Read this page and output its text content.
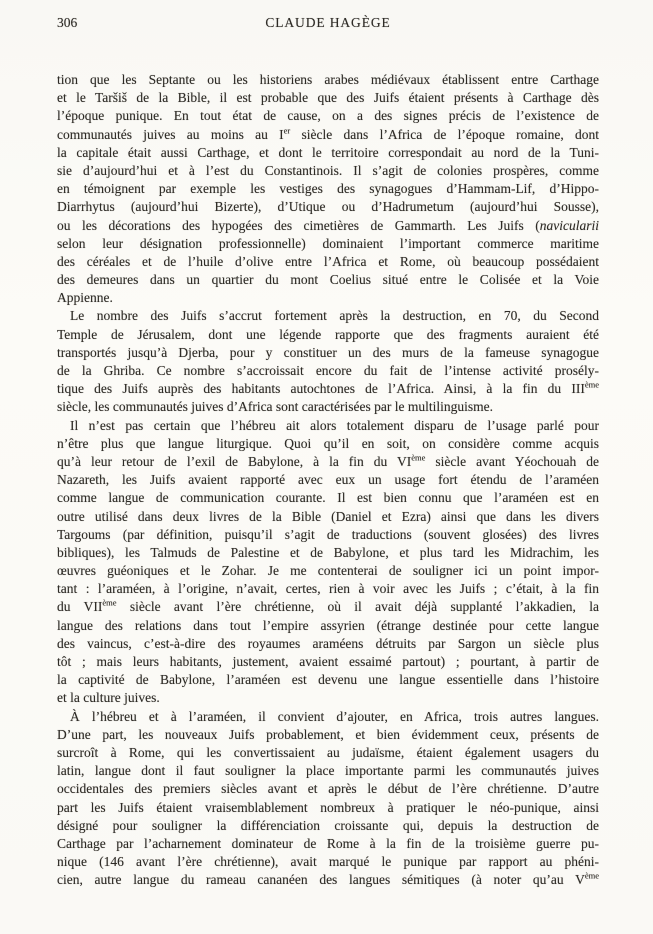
306	CLAUDE HAGÈGE
tion que les Septante ou les historiens arabes médiévaux établissent entre Carthage
et le Taršiš de la Bible, il est probable que des Juifs étaient présents à Carthage dès
l’époque punique. En tout état de cause, on a des signes précis de l’existence de
communautés juives au moins au Ier siècle dans l’Africa de l’époque romaine, dont
la capitale était aussi Carthage, et dont le territoire correspondait au nord de la Tuni-
sie d’aujourd’hui et à l’est du Constantinois. Il s’agit de colonies prospères, comme
en témoignent par exemple les vestiges des synagogues d’Hammam-Lif, d’Hippo-
Diarrhytus (aujourd’hui Bizerte), d’Utique ou d’Hadrumetum (aujourd’hui Sousse),
ou les décorations des hypogées des cimetières de Gammarth. Les Juifs (navicularii
selon leur désignation professionnelle) dominaient l’important commerce maritime
des céréales et de l’huile d’olive entre l’Africa et Rome, où beaucoup possédaient
des demeures dans un quartier du mont Coelius situé entre le Colisée et la Voie
Appienne.
Le nombre des Juifs s’accrut fortement après la destruction, en 70, du Second
Temple de Jérusalem, dont une légende rapporte que des fragments auraient été
transportés jusqu’à Djerba, pour y constituer un des murs de la fameuse synagogue
de la Ghriba. Ce nombre s’accroissait encore du fait de l’intense activité prosély-
tique des Juifs auprès des habitants autochtones de l’Africa. Ainsi, à la fin du IIIème
siècle, les communautés juives d’Africa sont caractérisées par le multilinguisme.
Il n’est pas certain que l’hébreu ait alors totalement disparu de l’usage parlé pour
n’être plus que langue liturgique. Quoi qu’il en soit, on considère comme acquis
qu’à leur retour de l’exil de Babylone, à la fin du VIème siècle avant Yéochouah de
Nazareth, les Juifs avaient rapporté avec eux un usage fort étendu de l’araméen
comme langue de communication courante. Il est bien connu que l’araméen est en
outre utilisé dans deux livres de la Bible (Daniel et Ezra) ainsi que dans les divers
Targoums (par définition, puisqu’il s’agit de traductions (souvent glosées) des livres
bibliques), les Talmuds de Palestine et de Babylone, et plus tard les Midrachim, les
œuvres guéoniques et le Zohar. Je me contenterai de souligner ici un point impor-
tant : l’araméen, à l’origine, n’avait, certes, rien à voir avec les Juifs ; c’était, à la fin
du VIIème siècle avant l’ère chrétienne, où il avait déjà supplanté l’akkadien, la
langue des relations dans tout l’empire assyrien (étrange destinée pour cette langue
des vaincus, c’est-à-dire des royaumes araméens détruits par Sargon un siècle plus
tôt ; mais leurs habitants, justement, avaient essaimé partout) ; pourtant, à partir de
la captivité de Babylone, l’araméen est devenu une langue essentielle dans l’histoire
et la culture juives.
À l’hébreu et à l’araméen, il convient d’ajouter, en Africa, trois autres langues.
D’une part, les nouveaux Juifs probablement, et bien évidemment ceux, présents de
surcroît à Rome, qui les convertissaient au judaïsme, étaient également usagers du
latin, langue dont il faut souligner la place importante parmi les communautés juives
occidentales des premiers siècles avant et après le début de l’ère chrétienne. D’autre
part les Juifs étaient vraisemblablement nombreux à pratiquer le néo-punique, ainsi
désigné pour souligner la différenciation croissante qui, depuis la destruction de
Carthage par l’acharnement dominateur de Rome à la fin de la troisième guerre pu-
nique (146 avant l’ère chrétienne), avait marqué le punique par rapport au phéni-
cien, autre langue du rameau cananéen des langues sémitiques (à noter qu’au Vème
